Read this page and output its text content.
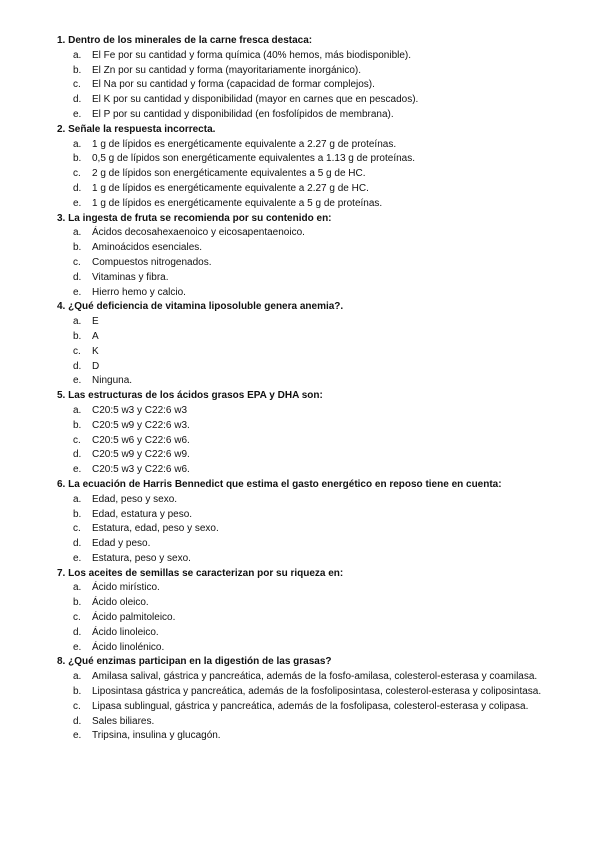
1. Dentro de los minerales de la carne fresca destaca:

a. El Fe por su cantidad y forma química (40% hemos, más biodisponible).
b. El Zn por su cantidad y forma (mayoritariamente inorgánico).
c. El Na por su cantidad y forma (capacidad de formar complejos).
d. El K por su cantidad y disponibilidad (mayor en carnes que en pescados).
e. El P por su cantidad y disponibilidad (en fosfolípidos de membrana).

2. Señale la respuesta incorrecta.

a. 1 g de lípidos es energéticamente equivalente a 2.27 g de proteínas.
b. 0,5 g de lípidos son energéticamente equivalentes a 1.13 g de proteínas.
c. 2 g de lípidos son energéticamente equivalentes a 5 g de HC.
d. 1 g de lípidos es energéticamente equivalente a 2.27 g de HC.
e. 1 g de lípidos es energéticamente equivalente a 5 g de proteínas.

3. La ingesta de fruta se recomienda por su contenido en:

a. Ácidos decosahexaenoico y eicosapentaenoico.
b. Aminoácidos esenciales.
c. Compuestos nitrogenados.
d. Vitaminas y fibra.
e. Hierro hemo y calcio.

4. ¿Qué deficiencia de vitamina liposoluble genera anemia?.

a. E
b. A
c. K
d. D
e. Ninguna.

5. Las estructuras de los ácidos grasos EPA y DHA son:

a. C20:5 w3 y C22:6 w3
b. C20:5 w9 y C22:6 w3.
c. C20:5 w6 y C22:6 w6.
d. C20:5 w9 y C22:6 w9.
e. C20:5 w3 y C22:6 w6.

6. La ecuación de Harris Bennedict que estima el gasto energético en reposo tiene en cuenta:

a. Edad, peso y sexo.
b. Edad, estatura y peso.
c. Estatura, edad, peso y sexo.
d. Edad y peso.
e. Estatura, peso y sexo.

7. Los aceites de semillas se caracterizan por su riqueza en:

a. Ácido mirístico.
b. Ácido oleico.
c. Ácido palmitoleico.
d. Ácido linoleico.
e. Ácido linolénico.

8. ¿Qué enzimas participan en la digestión de las grasas?

a. Amilasa salival, gástrica y pancreática, además de la fosfo-amilasa, colesterol-esterasa y coamilasa.
b. Liposintasa gástrica y pancreática, además de la fosfoliposintasa, colesterol-esterasa y coliposintasa.
c. Lipasa sublingual, gástrica y pancreática, además de la fosfolipasa, colesterol-esterasa y colipasa.
d. Sales biliares.
e. Tripsina, insulina y glucagón.
